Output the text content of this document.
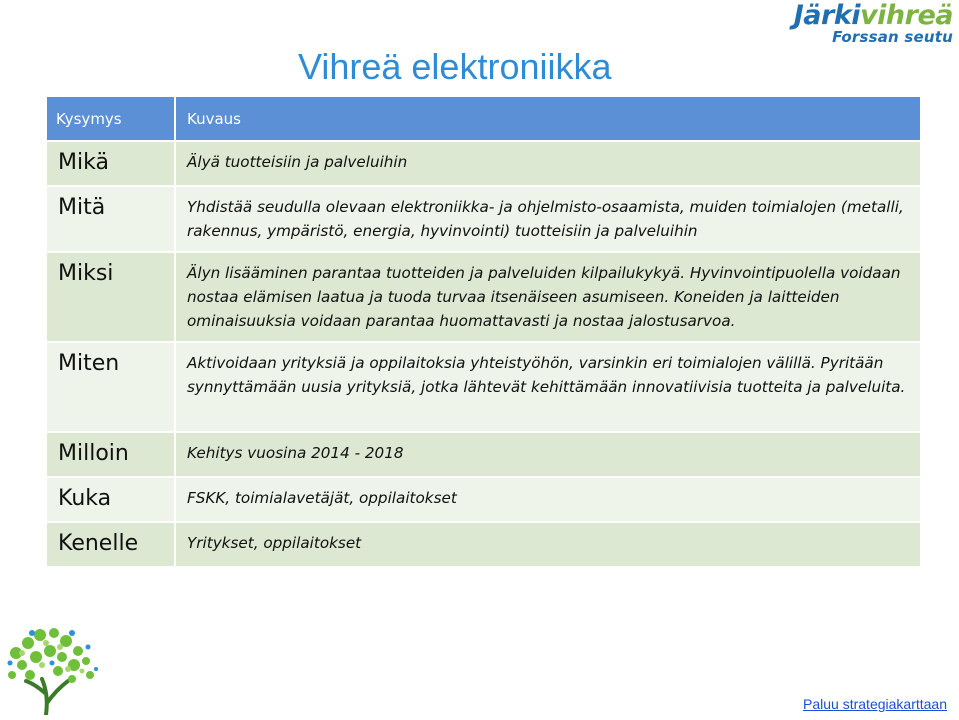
Järkivihreä
Forssan seutu
Vihreä elektroniikka
Kysymys	Kuvaus

Mikä	Älyä tuotteisiin ja palveluihin

Mitä	Yhdistää seudulla olevaan elektroniikka- ja ohjelmisto-osaamista, muiden toimialojen (metalli, rakennus, ympäristö, energia, hyvinvointi) tuotteisiin ja palveluihin

Miksi	Älyn lisääminen parantaa tuotteiden ja palveluiden kilpailukykyä. Hyvinvointipuolella voidaan nostaa elämisen laatua ja tuoda turvaa itsenäiseen asumiseen. Koneiden ja laitteiden ominaisuuksia voidaan parantaa huomattavasti ja nostaa jalostusarvoa.

Miten	Aktivoidaan yrityksiä ja oppilaitoksia yhteistyöhön, varsinkin eri toimialojen välillä. Pyritään synnyttämään uusia yrityksiä, jotka lähtevät kehittämään innovatiivisia tuotteita ja palveluita.

Milloin	Kehitys vuosina 2014 - 2018

Kuka	FSKK, toimialavetäjät, oppilaitokset

Kenelle	Yritykset, oppilaitokset
Paluu strategiakarttaan
